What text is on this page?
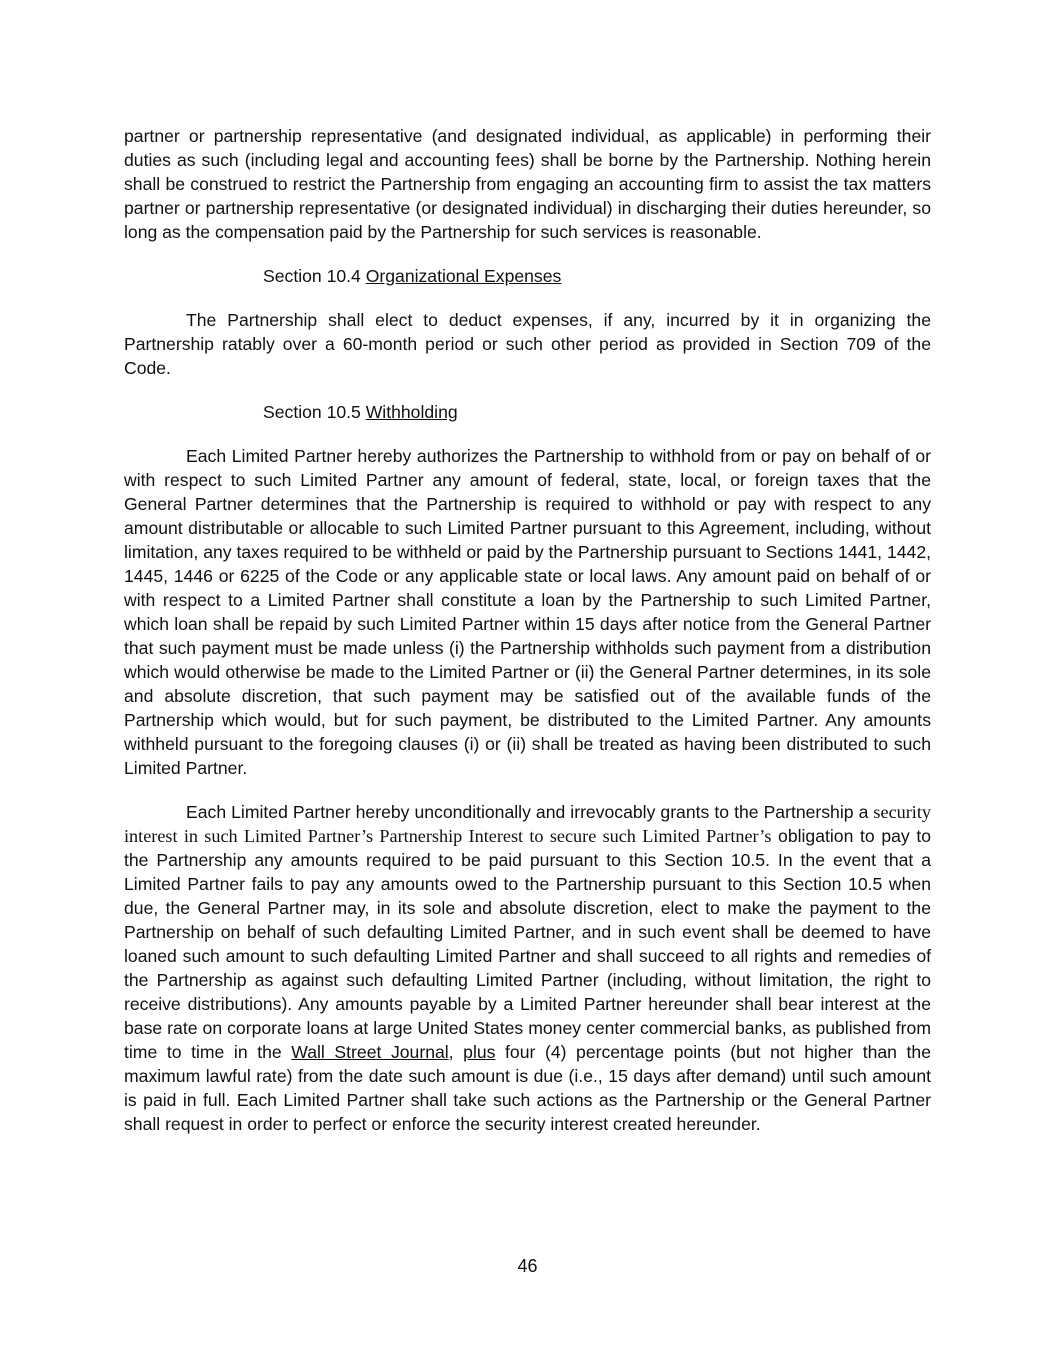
partner or partnership representative (and designated individual, as applicable) in performing their duties as such (including legal and accounting fees) shall be borne by the Partnership. Nothing herein shall be construed to restrict the Partnership from engaging an accounting firm to assist the tax matters partner or partnership representative (or designated individual) in discharging their duties hereunder, so long as the compensation paid by the Partnership for such services is reasonable.

Section 10.4 Organizational Expenses

The Partnership shall elect to deduct expenses, if any, incurred by it in organizing the Partnership ratably over a 60-month period or such other period as provided in Section 709 of the Code.

Section 10.5 Withholding

Each Limited Partner hereby authorizes the Partnership to withhold from or pay on behalf of or with respect to such Limited Partner any amount of federal, state, local, or foreign taxes that the General Partner determines that the Partnership is required to withhold or pay with respect to any amount distributable or allocable to such Limited Partner pursuant to this Agreement, including, without limitation, any taxes required to be withheld or paid by the Partnership pursuant to Sections 1441, 1442, 1445, 1446 or 6225 of the Code or any applicable state or local laws. Any amount paid on behalf of or with respect to a Limited Partner shall constitute a loan by the Partnership to such Limited Partner, which loan shall be repaid by such Limited Partner within 15 days after notice from the General Partner that such payment must be made unless (i) the Partnership withholds such payment from a distribution which would otherwise be made to the Limited Partner or (ii) the General Partner determines, in its sole and absolute discretion, that such payment may be satisfied out of the available funds of the Partnership which would, but for such payment, be distributed to the Limited Partner. Any amounts withheld pursuant to the foregoing clauses (i) or (ii) shall be treated as having been distributed to such Limited Partner.

Each Limited Partner hereby unconditionally and irrevocably grants to the Partnership a security interest in such Limited Partner’s Partnership Interest to secure such Limited Partner’s obligation to pay to the Partnership any amounts required to be paid pursuant to this Section 10.5. In the event that a Limited Partner fails to pay any amounts owed to the Partnership pursuant to this Section 10.5 when due, the General Partner may, in its sole and absolute discretion, elect to make the payment to the Partnership on behalf of such defaulting Limited Partner, and in such event shall be deemed to have loaned such amount to such defaulting Limited Partner and shall succeed to all rights and remedies of the Partnership as against such defaulting Limited Partner (including, without limitation, the right to receive distributions). Any amounts payable by a Limited Partner hereunder shall bear interest at the base rate on corporate loans at large United States money center commercial banks, as published from time to time in the Wall Street Journal, plus four (4) percentage points (but not higher than the maximum lawful rate) from the date such amount is due (i.e., 15 days after demand) until such amount is paid in full. Each Limited Partner shall take such actions as the Partnership or the General Partner shall request in order to perfect or enforce the security interest created hereunder.

46
